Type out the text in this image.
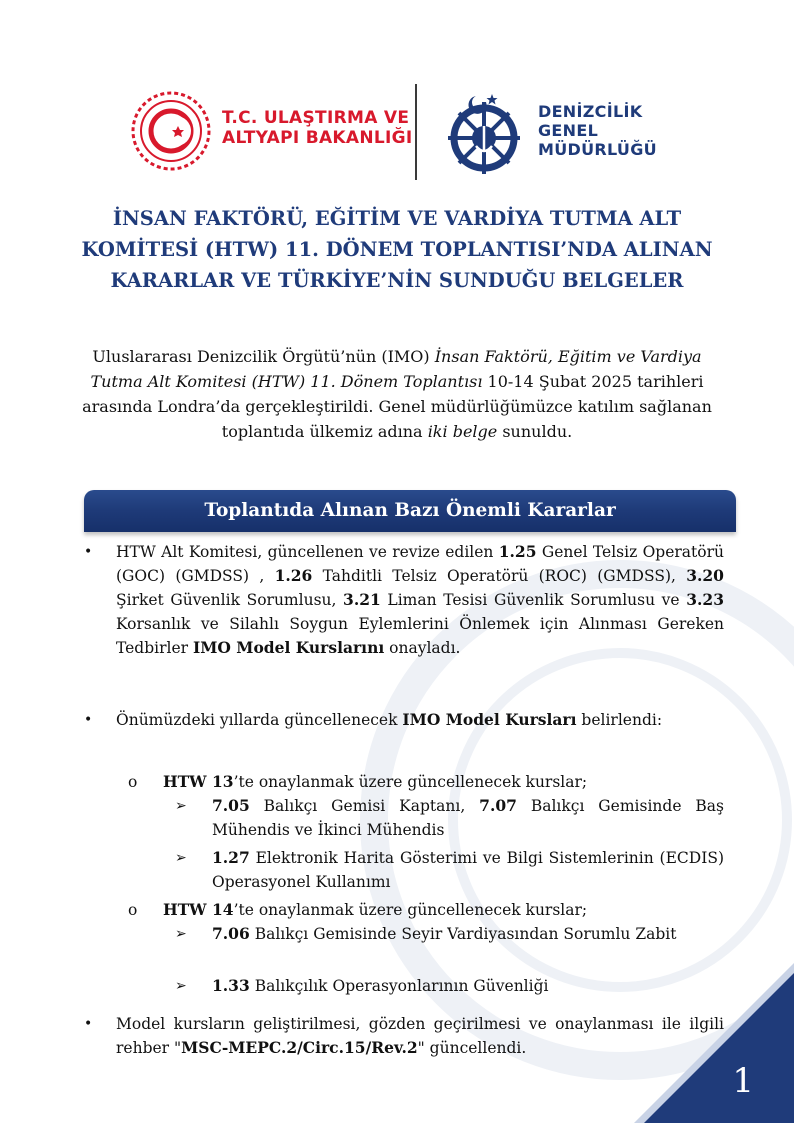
T.C. ULAŞTIRMA VE
ALTYAPI BAKANLIĞI
DENİZCİLİK
GENEL
MÜDÜRLÜĞÜ
İNSAN FAKTÖRÜ, EĞİTİM VE VARDİYA TUTMA ALT KOMİTESİ (HTW) 11. DÖNEM TOPLANTISI’NDA ALINAN KARARLAR VE TÜRKİYE’NİN SUNDUĞU BELGELER

Uluslararası Denizcilik Örgütü’nün (IMO) İnsan Faktörü, Eğitim ve Vardiya Tutma Alt Komitesi (HTW) 11. Dönem Toplantısı 10-14 Şubat 2025 tarihleri arasında Londra’da gerçekleştirildi. Genel müdürlüğümüzce katılım sağlanan toplantıda ülkemiz adına iki belge sunuldu.

Toplantıda Alınan Bazı Önemli Kararlar
• HTW Alt Komitesi, güncellenen ve revize edilen 1.25 Genel Telsiz Operatörü (GOC) (GMDSS) , 1.26 Tahditli Telsiz Operatörü (ROC) (GMDSS), 3.20 Şirket Güvenlik Sorumlusu, 3.21 Liman Tesisi Güvenlik Sorumlusu ve 3.23 Korsanlık ve Silahlı Soygun Eylemlerini Önlemek için Alınması Gereken Tedbirler IMO Model Kurslarını onayladı.
• Önümüzdeki yıllarda güncellenecek IMO Model Kursları belirlendi:
o HTW 13’te onaylanmak üzere güncellenecek kurslar;
➢ 7.05 Balıkçı Gemisi Kaptanı, 7.07 Balıkçı Gemisinde Baş Mühendis ve İkinci Mühendis
➢ 1.27 Elektronik Harita Gösterimi ve Bilgi Sistemlerinin (ECDIS) Operasyonel Kullanımı
o HTW 14’te onaylanmak üzere güncellenecek kurslar;
➢ 7.06 Balıkçı Gemisinde Seyir Vardiyasından Sorumlu Zabit
➢ 1.33 Balıkçılık Operasyonlarının Güvenliği
• Model kursların geliştirilmesi, gözden geçirilmesi ve onaylanması ile ilgili rehber "MSC-MEPC.2/Circ.15/Rev.2" güncellendi.
1
